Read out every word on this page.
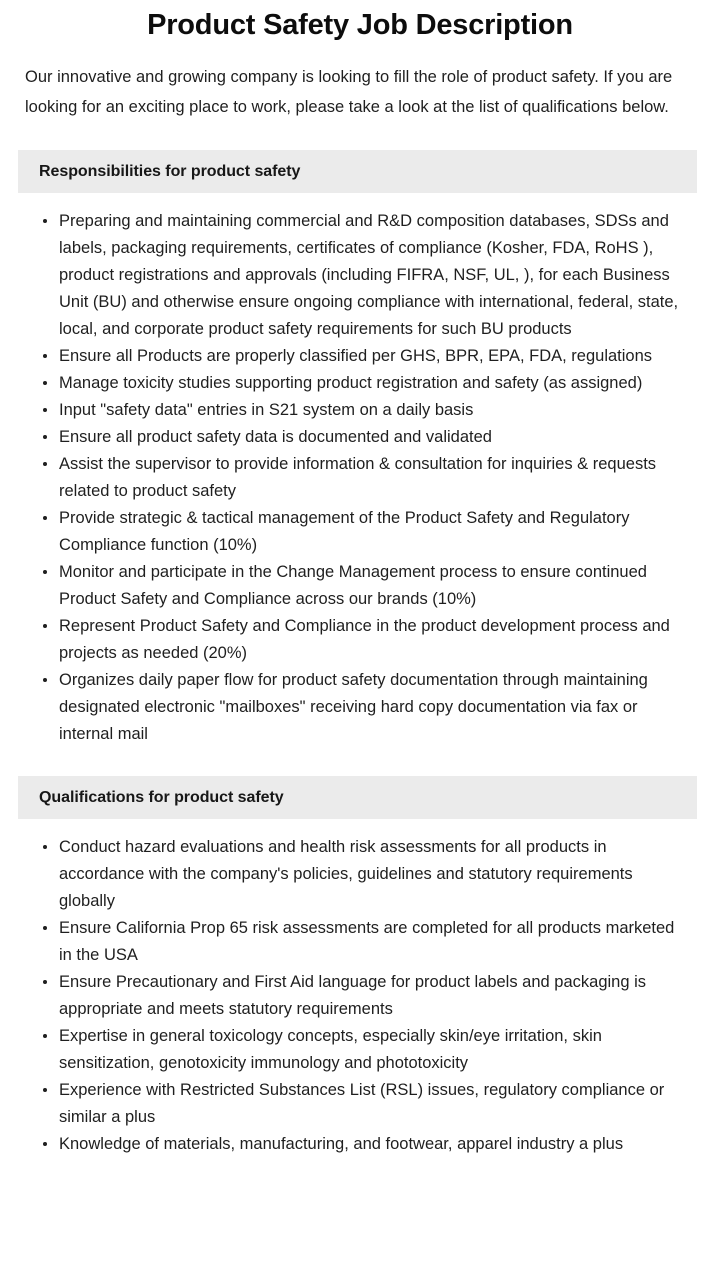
Product Safety Job Description

Our innovative and growing company is looking to fill the role of product safety. If you are looking for an exciting place to work, please take a look at the list of qualifications below.

Responsibilities for product safety
Preparing and maintaining commercial and R&D composition databases, SDSs and labels, packaging requirements, certificates of compliance (Kosher, FDA, RoHS ), product registrations and approvals (including FIFRA, NSF, UL, ), for each Business Unit (BU) and otherwise ensure ongoing compliance with international, federal, state, local, and corporate product safety requirements for such BU products
Ensure all Products are properly classified per GHS, BPR, EPA, FDA, regulations
Manage toxicity studies supporting product registration and safety (as assigned)
Input "safety data" entries in S21 system on a daily basis
Ensure all product safety data is documented and validated
Assist the supervisor to provide information & consultation for inquiries & requests related to product safety
Provide strategic & tactical management of the Product Safety and Regulatory Compliance function (10%)
Monitor and participate in the Change Management process to ensure continued Product Safety and Compliance across our brands (10%)
Represent Product Safety and Compliance in the product development process and projects as needed (20%)
Organizes daily paper flow for product safety documentation through maintaining designated electronic "mailboxes" receiving hard copy documentation via fax or internal mail
Qualifications for product safety
Conduct hazard evaluations and health risk assessments for all products in accordance with the company's policies, guidelines and statutory requirements globally
Ensure California Prop 65 risk assessments are completed for all products marketed in the USA
Ensure Precautionary and First Aid language for product labels and packaging is appropriate and meets statutory requirements
Expertise in general toxicology concepts, especially skin/eye irritation, skin sensitization, genotoxicity immunology and phototoxicity
Experience with Restricted Substances List (RSL) issues, regulatory compliance or similar a plus
Knowledge of materials, manufacturing, and footwear, apparel industry a plus
